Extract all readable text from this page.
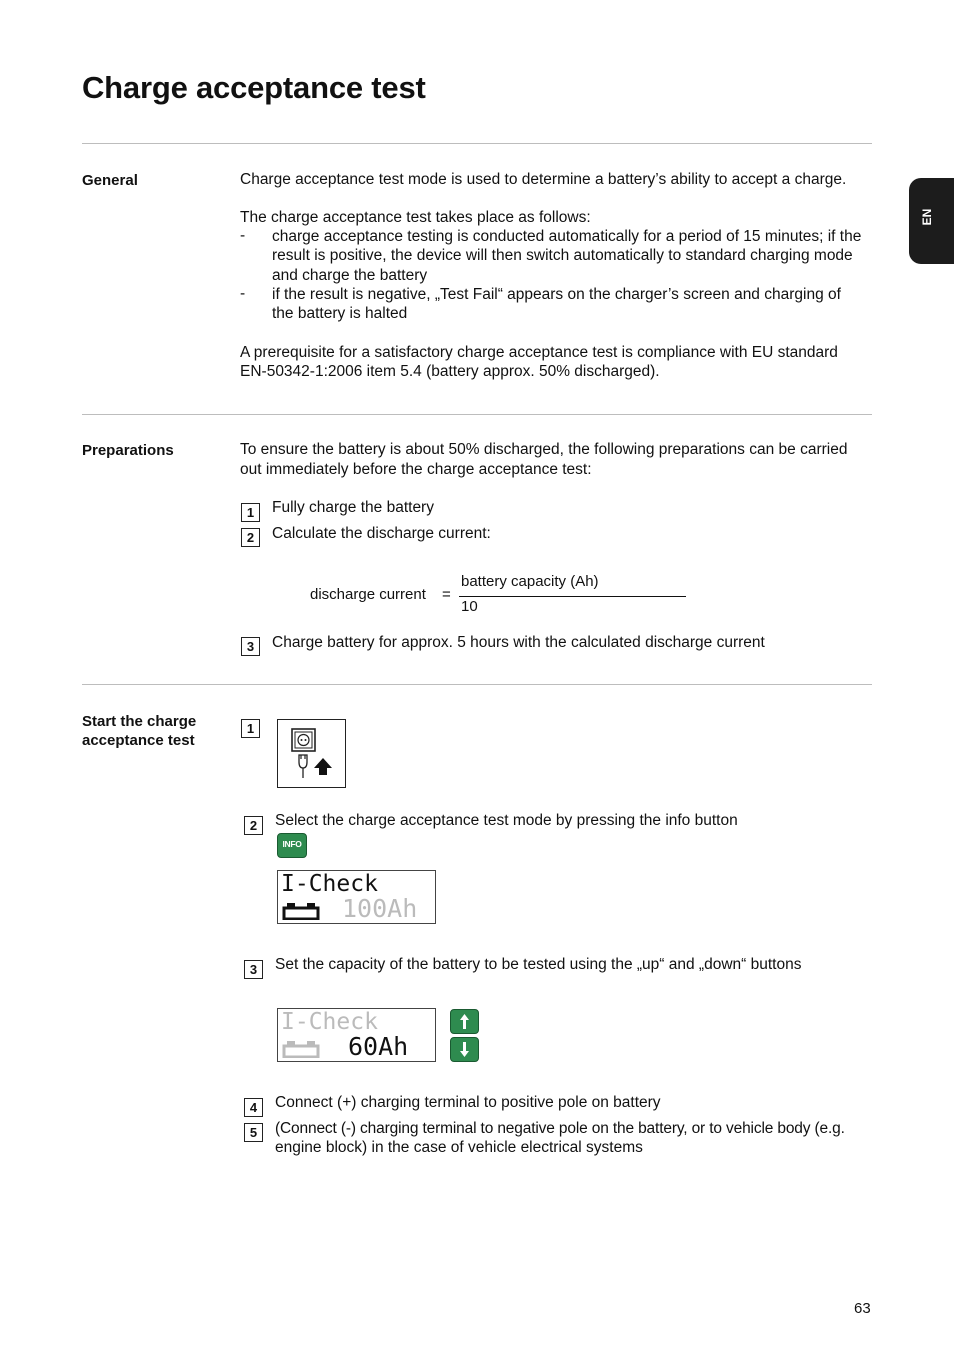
Charge acceptance test
EN
General	Charge acceptance test mode is used to determine a battery’s ability to accept a charge.
The charge acceptance test takes place as follows:
- charge acceptance testing is conducted automatically for a period of 15 minutes; if the
result is positive, the device will then switch automatically to standard charging mode
and charge the battery
- if the result is negative, „Test Fail“ appears on the charger’s screen and charging of
the battery is halted
A prerequisite for a satisfactory charge acceptance test is compliance with EU standard
EN-50342-1:2006 item 5.4 (battery approx. 50% discharged).
Preparations	To ensure the battery is about 50% discharged, the following preparations can be carried
out immediately before the charge acceptance test:
1	Fully charge the battery
2	Calculate the discharge current:
discharge current =
battery capacity (Ah)
10
3	Charge battery for approx. 5 hours with the calculated discharge current
Start the charge
acceptance test
1
2	Select the charge acceptance test mode by pressing the info button
INFO
I-Check
100Ah
3	Set the capacity of the battery to be tested using the „up“ and „down“ buttons
I-Check
60Ah
4	Connect (+) charging terminal to positive pole on battery
5	(Connect (-) charging terminal to negative pole on the battery, or to vehicle body (e.g.
engine block) in the case of vehicle electrical systems
63
